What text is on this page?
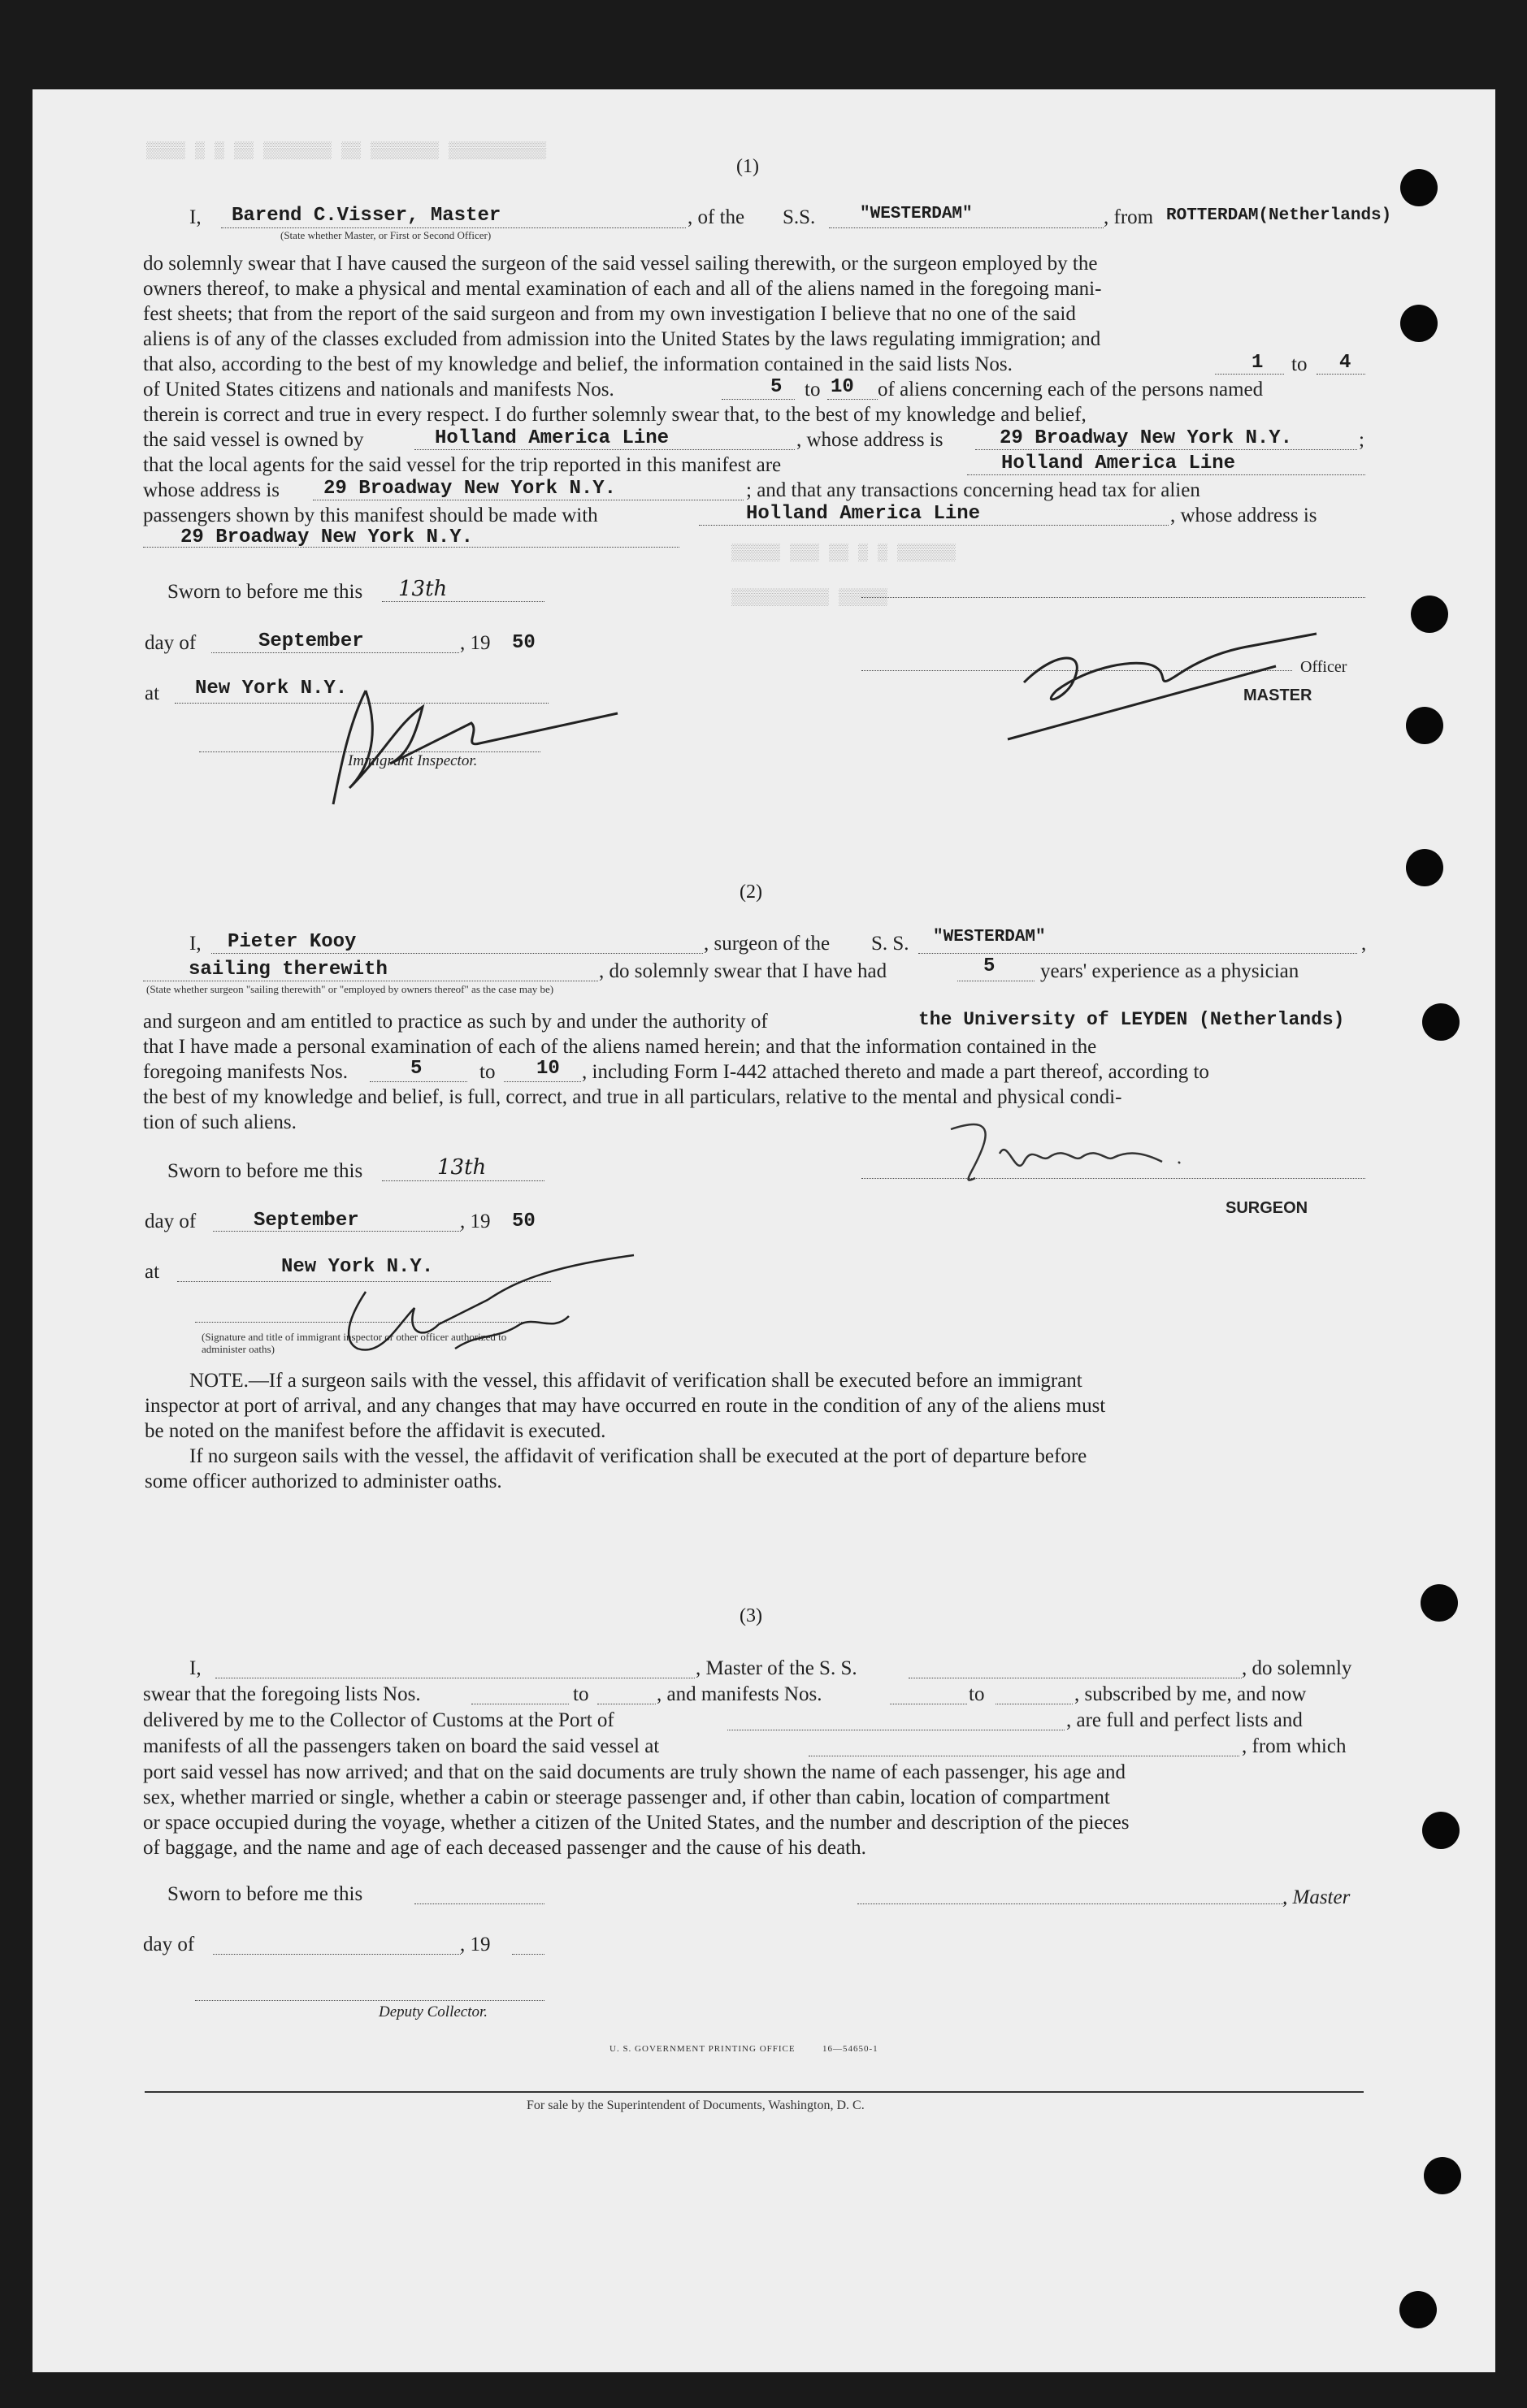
▒▒▒▒ ▒ ▒ ▒▒ ▒▒▒▒▒▒▒ ▒▒ ▒▒▒▒▒▒▒ ▒▒▒▒▒▒▒▒▒▒
▒▒▒▒▒ ▒▒▒ ▒▒ ▒ ▒ ▒▒▒▒▒▒
▒▒▒▒▒▒▒▒▒▒ ▒▒▒▒▒
(1)
I, Barend C.Visser, Master
(State whether Master, or First or Second Officer)
, of the S.S.	"WESTERDAM"	, from ROTTERDAM(Netherlands)
do solemnly swear that I have caused the surgeon of the said vessel sailing therewith, or the surgeon employed by the
owners thereof, to make a physical and mental examination of each and all of the aliens named in the foregoing mani-
fest sheets; that from the report of the said surgeon and from my own investigation I believe that no one of the said
aliens is of any of the classes excluded from admission into the United States by the laws regulating immigration; and
that also, according to the best of my knowledge and belief, the information contained in the said lists Nos.	1 to 4
of United States citizens and nationals and manifests Nos.	5 to 10 of aliens concerning each of the persons named
therein is correct and true in every respect. I do further solemnly swear that, to the best of my knowledge and belief,
the said vessel is owned by	Holland America Line	, whose address is	29 Broadway New York N.Y.	;
that the local agents for the said vessel for the trip reported in this manifest are	Holland America Line
whose address is 29 Broadway New York N.Y.	; and that any transactions concerning head tax for alien
passengers shown by this manifest should be made with	Holland America Line	, whose address is
29 Broadway New York N.Y.
Sworn to before me this 13th
day of	September	, 19 50
at New York N.Y.
Immigrant Inspector.
Officer
MASTER
(2)
I, Pieter Kooy	, surgeon of the S. S. "WESTERDAM"	,
sailing therewith
(State whether surgeon "sailing therewith" or "employed by owners thereof" as the case may be)
, do solemnly swear that I have had	5 years' experience as a physician
and surgeon and am entitled to practice as such by and under the authority of	the University of LEYDEN (Netherlands)
that I have made a personal examination of each of the aliens named herein; and that the information contained in the
foregoing manifests Nos.	5	to 10 , including Form I-442 attached thereto and made a part thereof, according to
the best of my knowledge and belief, is full, correct, and true in all particulars, relative to the mental and physical condi-
tion of such aliens.
Sworn to before me this	13th
SURGEON
day of	September	, 19 50
at	New York N.Y.
(Signature and title of immigrant inspector or other officer authorized to administer oaths)
NOTE.—If a surgeon sails with the vessel, this affidavit of verification shall be executed before an immigrant
inspector at port of arrival, and any changes that may have occurred en route in the condition of any of the aliens must
be noted on the manifest before the affidavit is executed.
If no surgeon sails with the vessel, the affidavit of verification shall be executed at the port of departure before
some officer authorized to administer oaths.
(3)
I,	, Master of the S. S.	, do solemnly
swear that the foregoing lists Nos.	to	, and manifests Nos.	to	, subscribed by me, and now
delivered by me to the Collector of Customs at the Port of	, are full and perfect lists and
manifests of all the passengers taken on board the said vessel at	, from which
port said vessel has now arrived; and that on the said documents are truly shown the name of each passenger, his age and
sex, whether married or single, whether a cabin or steerage passenger and, if other than cabin, location of compartment
or space occupied during the voyage, whether a citizen of the United States, and the number and description of the pieces
of baggage, and the name and age of each deceased passenger and the cause of his death.
Sworn to before me this	, Master
day of	, 19
Deputy Collector.
U. S. GOVERNMENT PRINTING OFFICE	16—54650-1
For sale by the Superintendent of Documents, Washington, D. C.
